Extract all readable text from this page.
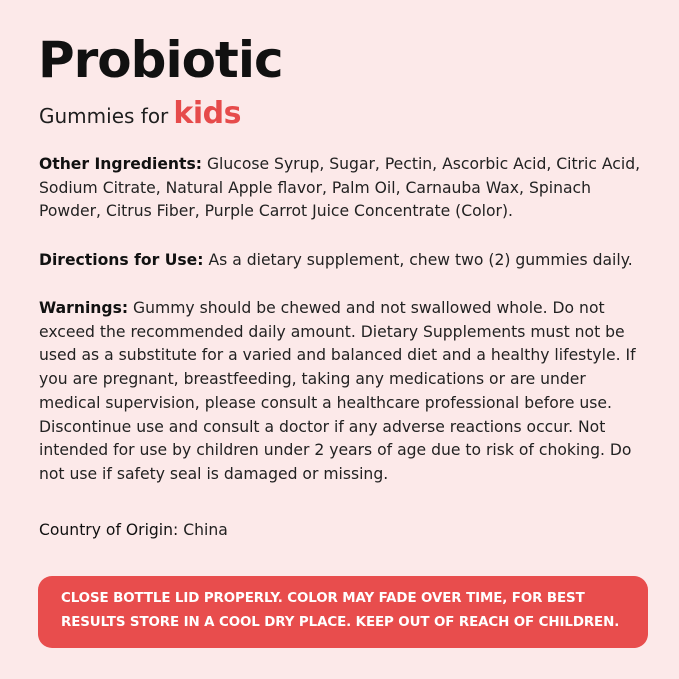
Probiotic
Gummies for kids

Other Ingredients: Glucose Syrup, Sugar, Pectin, Ascorbic Acid, Citric Acid, Sodium Citrate, Natural Apple flavor, Palm Oil, Carnauba Wax, Spinach Powder, Citrus Fiber, Purple Carrot Juice Concentrate (Color).

Directions for Use: As a dietary supplement, chew two (2) gummies daily.

Warnings: Gummy should be chewed and not swallowed whole. Do not exceed the recommended daily amount. Dietary Supplements must not be used as a substitute for a varied and balanced diet and a healthy lifestyle. If you are pregnant, breastfeeding, taking any medications or are under medical supervision, please consult a healthcare professional before use. Discontinue use and consult a doctor if any adverse reactions occur. Not intended for use by children under 2 years of age due to risk of choking. Do not use if safety seal is damaged or missing.

Country of Origin: China

CLOSE BOTTLE LID PROPERLY. COLOR MAY FADE OVER TIME, FOR BEST RESULTS STORE IN A COOL DRY PLACE. KEEP OUT OF REACH OF CHILDREN.
